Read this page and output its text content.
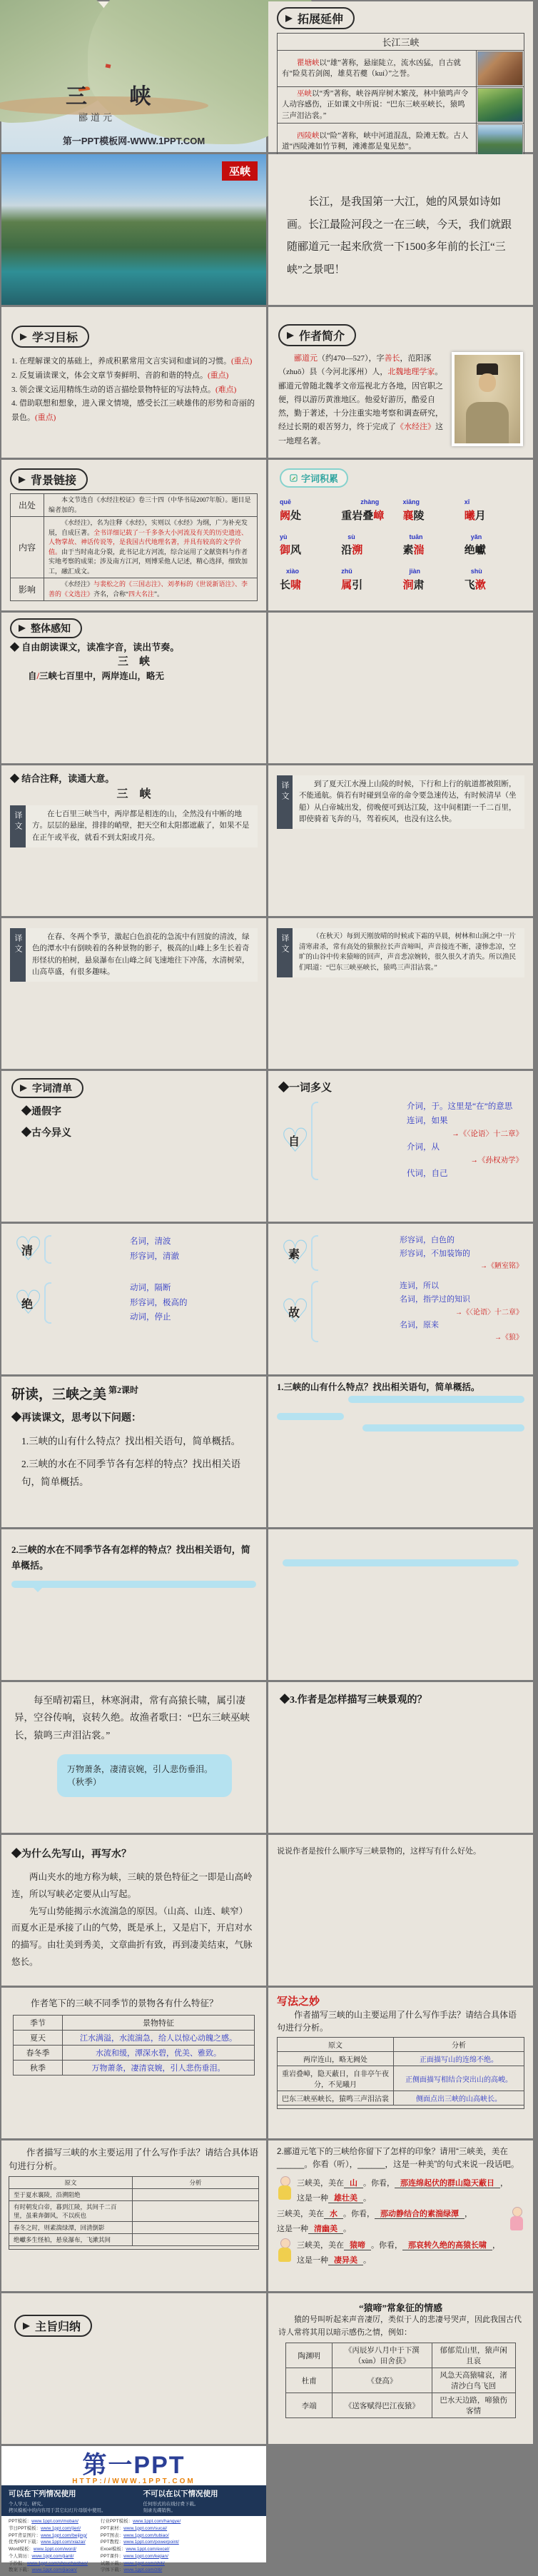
三 峡
郦道元
第一PPT模板网-WWW.1PPT.COM
拓展延伸
长江三峡	
瞿塘峡以“雄”著称，悬崖陡立，流水凶猛，自古就有“险莫若剑阁，雄莫若夔（kuí）”之誉。	

巫峡以“秀”著称，峡谷两岸树木繁茂，林中猿鸣声令人动容感伤，正如课文中所说：“巴东三峡巫峡长，猿鸣三声泪沾裳。”	

西陵峡以“险”著称，峡中河道混乱，险滩无数。古人道“西陵滩如竹节稠，滩滩都是鬼见愁”。	
巫峡

长江，是我国第一大江，她的风景如诗如画。长江最险河段之一在三峡，今天，我们就跟随郦道元一起来欣赏一下1500多年前的长江“三峡”之景吧！

学习目标

1. 在理解课文的基础上，养成积累常用文言实词和虚词的习惯。(重点)

2. 反复诵读课文，体会文章节奏鲜明、音韵和谐的特点。(重点)

3. 领会课文运用精练生动的语言描绘景物特征的写法特点。(难点)

4. 借助联想和想象，进入课文情境，感受长江三峡雄伟的形势和奇丽的景色。(重点)

作者简介

郦道元（约470—527），字善长，范阳涿（zhuō）县（今河北涿州）人，北魏地理学家。郦道元曾随北魏孝文帝巡视北方各地，因官职之便，得以游历黄淮地区。他爱好游历，酷爱自然，勤于著述，十分注重实地考察和调查研究，经过长期的艰苦努力，终于完成了《水经注》这一地理名著。

背景链接
出处	本文节选自《水经注校证》卷三十四（中华书局2007年版）。题目是编者加的。
内容	《水经注》，名为注释《水经》，实则以《水经》为纲，广为补充发展，自成巨著。全书详细记载了一千多条大小河流及有关的历史遗迹、人物掌故、神话传说等，是我国古代地理名著，并具有较高的文学价值。由于当时南北分裂，此书记北方河流，综合运用了文献资料与作者实地考察的成果；涉及南方江河，则博采他人记述，精心选择，细致加工，融汇成文。
影响	《水经注》与裴松之的《三国志注》、刘孝标的《世说新语注》、李善的《文选注》齐名，合称“四大名注”。
字词积累
quē
阙处
zhàng
重岩叠嶂
xiāng
襄陵
xī
曦月
yù
御风
sù
沿溯
tuān
素湍
yǎn
绝巘
xiào
长啸
zhǔ
属引
jiàn
涧肃
shù
飞漱
整体感知

◆ 自由朗读课文，读准字音，读出节奏。

三　峡

自/三峡七百里中，两岸连山，略无

◆ 结合注释，读通大意。

三　峡

译文	在七百里三峡当中，两岸都是相连的山，全然没有中断的地方。层层的悬崖，排排的峭壁，把天空和太阳都遮蔽了，如果不是在正午或半夜，就看不到太阳或月亮。

译文	到了夏天江水漫上山陵的时候，下行和上行的航道都被阻断，不能通航。倘若有时碰到皇帝的命令要急速传达，有时候清早（坐船）从白帝城出发，傍晚便可到达江陵，这中间相距一千二百里，即使骑着飞奔的马，驾着疾风，也没有这么快。

译文	在春、冬两个季节，激起白色浪花的急流中有回旋的清波，绿色的潭水中有倒映着的各种景物的影子，极高的山峰上多生长着奇形怪状的柏树，悬泉瀑布在山峰之间飞速地往下冲荡，水清树荣，山高草盛，有很多趣味。

译文	（在秋天）每到天刚放晴的时候或下霜的早晨，树林和山涧之中一片清寒肃杀，常有高处的猿猴拉长声音啼叫，声音接连不断，凄惨悲凉，空旷的山谷中传来猿啼的回声，声音悲凉婉转，很久很久才消失。所以渔民们唱道：“巴东三峡巫峡长，猿鸣三声泪沾裳。”
字词清单

◆通假字

◆古今异义

◆一词多义

♡ 自
介词，于。这里是“在”的意思
连词，如果
→《〈论语〉十二章》
介词，从
→《孙权劝学》
代词，自己
♡ 清
名词，清波
形容词，清澈
♡ 绝
动词，隔断
形容词，极高的
动词，停止
♡ 素
形容词，白色的
形容词，不加装饰的
→《陋室铭》
♡ 故
连词，所以
名词，指学过的知识
→《〈论语〉十二章》
名词，原来
→《狼》

研读，三峡之美 第2课时

◆再读课文，思考以下问题：

1.三峡的山有什么特点？找出相关语句，简单概括。

2.三峡的水在不同季节各有怎样的特点？找出相关语句，简单概括。

1.三峡的山有什么特点？找出相关语句，简单概括。

2.三峡的水在不同季节各有怎样的特点？找出相关语句，简单概括。

每至晴初霜旦，林寒涧肃，常有高猿长啸，属引凄异，空谷传响，哀转久绝。故渔者歌曰：“巴东三峡巫峡长，猿鸣三声泪沾裳。”

万物萧条，凄清哀婉，引人悲伤垂泪。（秋季）

◆3.作者是怎样描写三峡景观的？

◆为什么先写山，再写水？

两山夹水的地方称为峡，三峡的景色特征之一即是山高岭连，所以写峡必定要从山写起。

先写山势能揭示水流湍急的原因。（山高、山连、峡窄）而夏水正是承接了山的气势，既是承上，又是启下，开启对水的描写。由壮美到秀美，文章曲折有致，再到凄美结束，气脉悠长。

说说作者是按什么顺序写三峡景物的，这样写有什么好处。

作者笔下的三峡不同季节的景物各有什么特征？

季节	景物特征
夏天	江水满溢，水流湍急，给人以惊心动魄之感。
春冬季	水流和缓，潭深水碧，优美、雅致。
秋季	万物萧条，凄清哀婉，引人悲伤垂泪。

写法之妙

作者描写三峡的山主要运用了什么写作手法？请结合具体语句进行分析。

原文	分析
两岸连山，略无阙处	正面描写山的连绵不绝。
重岩叠嶂，隐天蔽日，自非亭午夜分，不见曦月	正侧面描写相结合突出山的高峻。
巴东三峡巫峡长，猿鸣三声泪沾裳	侧面点出三峡的山高峡长。

作者描写三峡的水主要运用了什么写作手法？请结合具体语句进行分析。

原文	分析
至于夏水襄陵，沿溯阻绝	
有时朝发白帝，暮到江陵，其间千二百里，虽乘奔御风，不以疾也	
春冬之时，则素湍绿潭，回清倒影	
绝巘多生怪柏，悬泉瀑布，飞漱其间	

2.郦道元笔下的三峡给你留下了怎样的印象？请用“三峡美，美在______。你看（听），______，这是一种美”的句式来说一段话吧。

三峡美，美在 山 。你看， 那连绵起伏的群山隐天蔽日 ，
这是一种 雄壮美 。

三峡美，美在 水 。你看， 那动静结合的素湍绿潭 ，
这是一种 清幽美 。

三峡美，美在 猿啼 。你看， 那哀转久绝的高猿长啸 ，
这是一种 凄异美 。

主旨归纳

“猿啼”常象征的情感

猿的号叫听起来声音凄厉，类似于人的悲凄号哭声，因此我国古代诗人常将其用以暗示感伤之情，例如：

陶渊明	《丙辰岁八月中于下潠（xùn）田舍获》	郁郁荒山里，猿声闲且哀
杜甫	《登高》	风急天高猿啸哀，渚清沙白鸟飞回
李端	《送客赋得巴江夜猿》	巴水天边路，啼猿伤客情
第一PPT
HTTP://WWW.1PPT.COM
可以在下列情况使用

个人学习、研究。

拷贝模板中的内容用于其它幻灯片母版中使用。

不可以在以下情况使用

任何形式的在线付费下载。

刻录光碟销售。

PPT模板：www.1ppt.com/moban/
节日PPT模板：www.1ppt.com/jieri/
PPT背景图片：www.1ppt.com/beijing/
优秀PPT下载：www.1ppt.com/xiazai/
Word模板：www.1ppt.com/word/
个人简历：www.1ppt.com/jianli/
手抄报：www.1ppt.com/shouchaobao/
教案下载：www.1ppt.com/jiaoan/
行业PPT模板：www.1ppt.com/hangye/
PPT素材：www.1ppt.com/sucai/
PPT图表：www.1ppt.com/tubiao/
PPT教程：www.1ppt.com/powerpoint/
Excel模板：www.1ppt.com/excel/
PPT课件：www.1ppt.com/kejian/
试题下载：www.1ppt.com/shiti/
字体下载：www.1ppt.com/ziti/
